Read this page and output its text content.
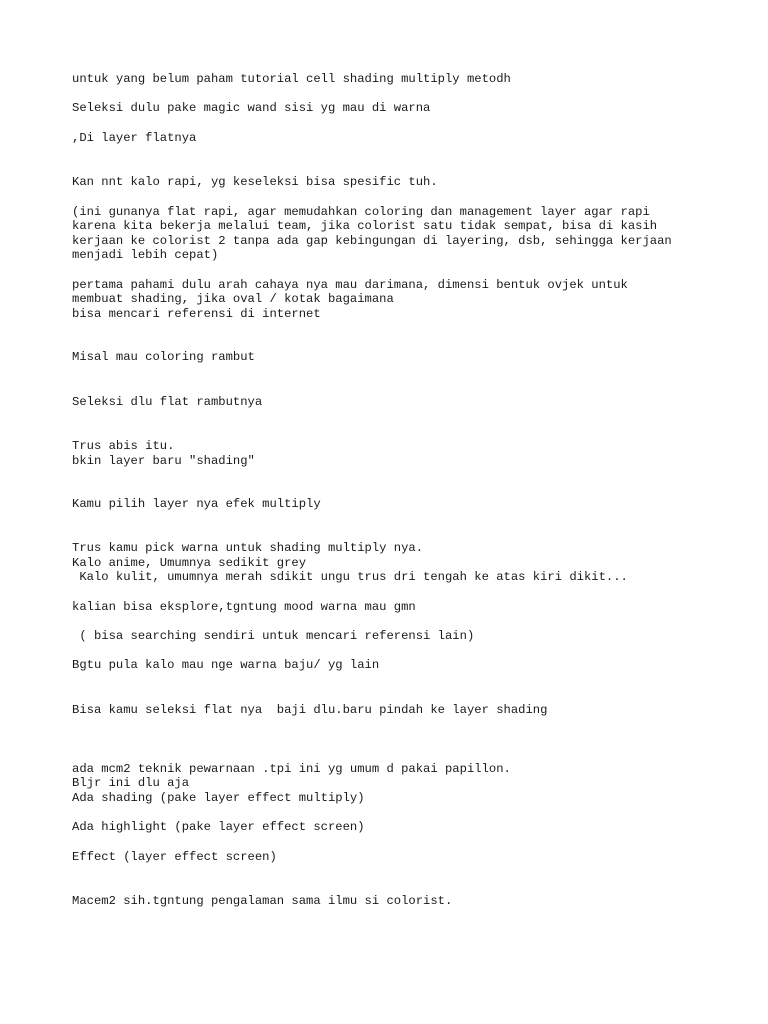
untuk yang belum paham tutorial cell shading multiply metodh

Seleksi dulu pake magic wand sisi yg mau di warna

,Di layer flatnya

Kan nnt kalo rapi, yg keseleksi bisa spesific tuh.

(ini gunanya flat rapi, agar memudahkan coloring dan management layer agar rapi

karena kita bekerja melalui team, jika colorist satu tidak sempat, bisa di kasih

kerjaan ke colorist 2 tanpa ada gap kebingungan di layering, dsb, sehingga kerjaan

menjadi lebih cepat)

pertama pahami dulu arah cahaya nya mau darimana, dimensi bentuk ovjek untuk

membuat shading, jika oval / kotak bagaimana

bisa mencari referensi di internet

Misal mau coloring rambut

Seleksi dlu flat rambutnya

Trus abis itu.

bkin layer baru "shading"

Kamu pilih layer nya efek multiply

Trus kamu pick warna untuk shading multiply nya.

Kalo anime, Umumnya sedikit grey

Kalo kulit, umumnya merah sdikit ungu trus dri tengah ke atas kiri dikit...

kalian bisa eksplore,tgntung mood warna mau gmn

( bisa searching sendiri untuk mencari referensi lain)

Bgtu pula kalo mau nge warna baju/ yg lain

Bisa kamu seleksi flat nya  baji dlu.baru pindah ke layer shading

ada mcm2 teknik pewarnaan .tpi ini yg umum d pakai papillon.

Bljr ini dlu aja

Ada shading (pake layer effect multiply)

Ada highlight (pake layer effect screen)

Effect (layer effect screen)

Macem2 sih.tgntung pengalaman sama ilmu si colorist.
